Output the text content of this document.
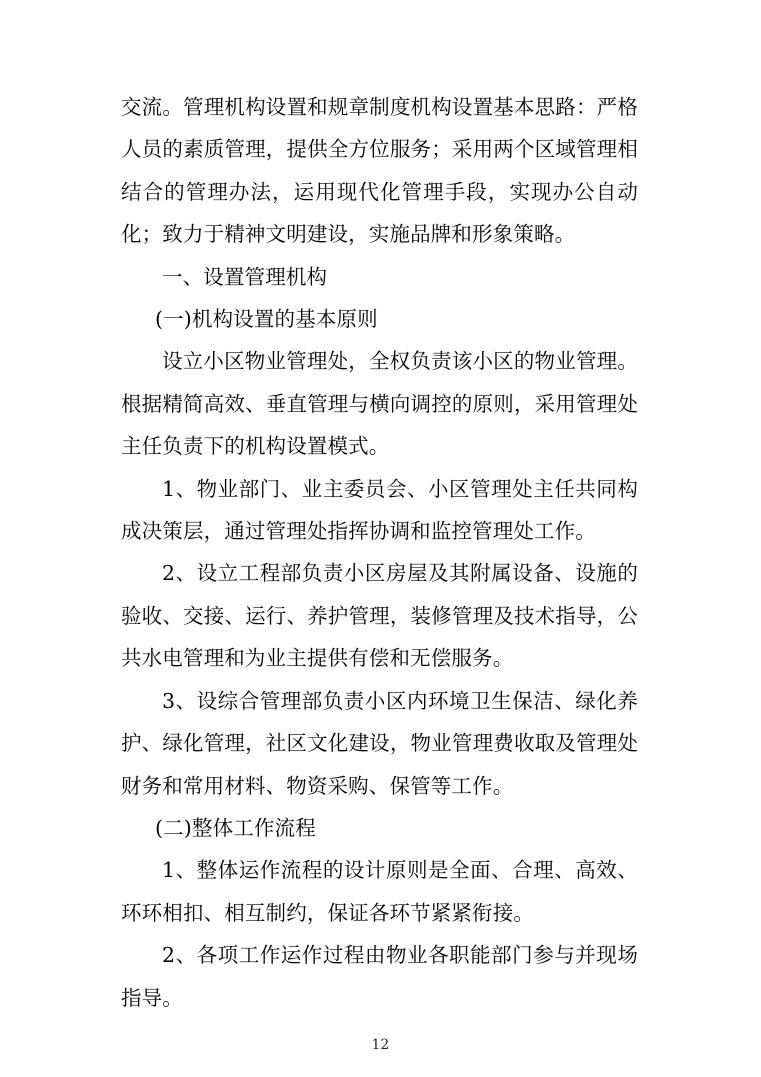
交流。管理机构设置和规章制度机构设置基本思路：严格人员的素质管理，提供全方位服务；采用两个区域管理相结合的管理办法，运用现代化管理手段，实现办公自动化；致力于精神文明建设，实施品牌和形象策略。

一、设置管理机构

(一)机构设置的基本原则

设立小区物业管理处，全权负责该小区的物业管理。根据精简高效、垂直管理与横向调控的原则，采用管理处主任负责下的机构设置模式。

1、物业部门、业主委员会、小区管理处主任共同构成决策层，通过管理处指挥协调和监控管理处工作。

2、设立工程部负责小区房屋及其附属设备、设施的验收、交接、运行、养护管理，装修管理及技术指导，公共水电管理和为业主提供有偿和无偿服务。

3、设综合管理部负责小区内环境卫生保洁、绿化养护、绿化管理，社区文化建设，物业管理费收取及管理处财务和常用材料、物资采购、保管等工作。

(二)整体工作流程

1、整体运作流程的设计原则是全面、合理、高效、环环相扣、相互制约，保证各环节紧紧衔接。

2、各项工作运作过程由物业各职能部门参与并现场指导。

12
